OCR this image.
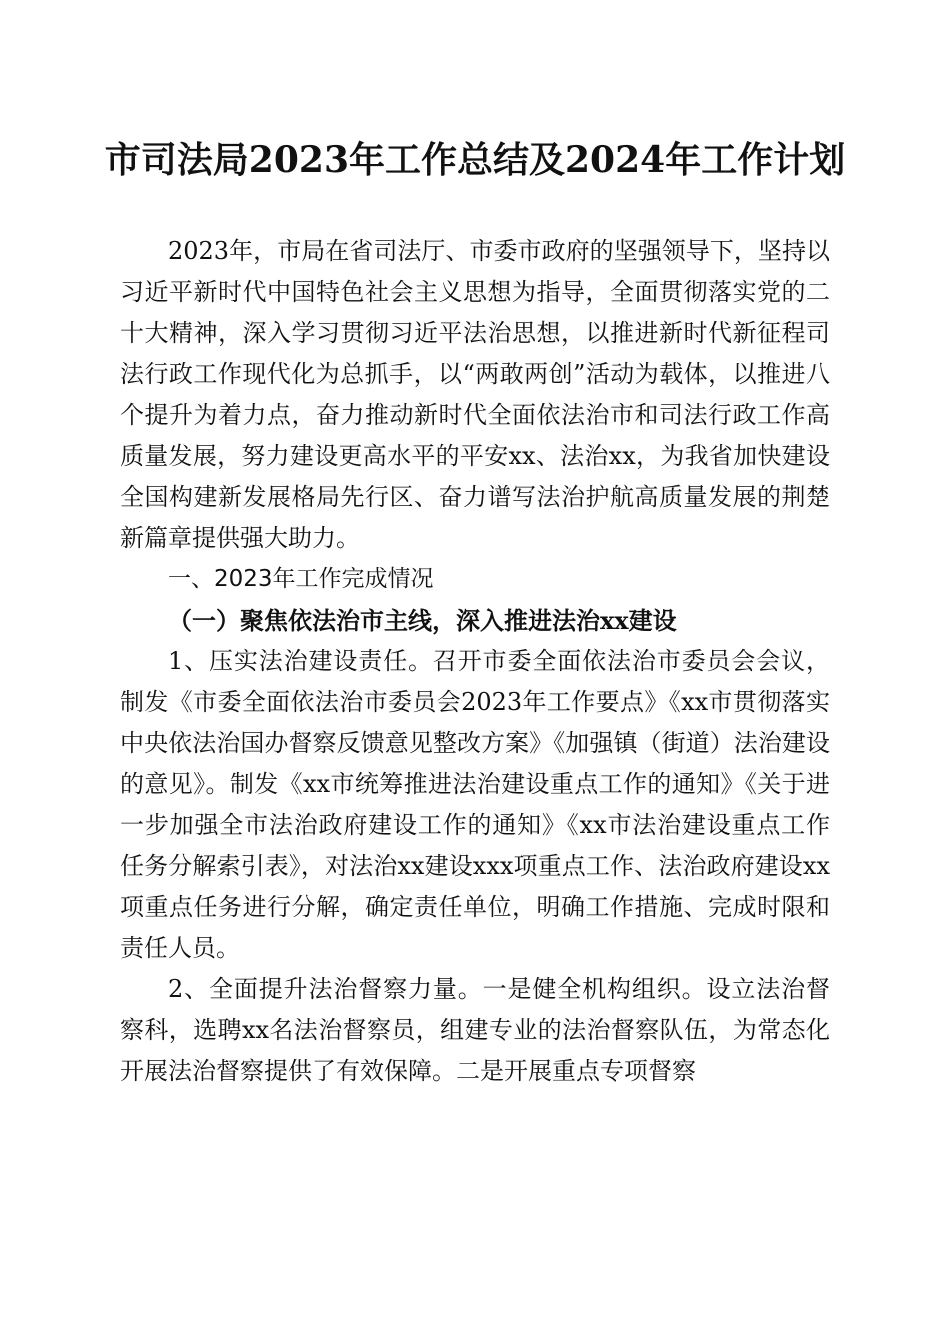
市司法局2023年工作总结及2024年工作计划

2023年，市局在省司法厅、市委市政府的坚强领导下，坚持以习近平新时代中国特色社会主义思想为指导，全面贯彻落实党的二十大精神，深入学习贯彻习近平法治思想，以推进新时代新征程司法行政工作现代化为总抓手，以“两敢两创”活动为载体，以推进八个提升为着力点，奋力推动新时代全面依法治市和司法行政工作高质量发展，努力建设更高水平的平安xx、法治xx，为我省加快建设全国构建新发展格局先行区、奋力谱写法治护航高质量发展的荆楚新篇章提供强大助力。

一、2023年工作完成情况

（一）聚焦依法治市主线，深入推进法治xx建设

1、压实法治建设责任。召开市委全面依法治市委员会会议，制发《市委全面依法治市委员会2023年工作要点》《xx市贯彻落实中央依法治国办督察反馈意见整改方案》《加强镇（街道）法治建设的意见》。制发《xx市统筹推进法治建设重点工作的通知》《关于进一步加强全市法治政府建设工作的通知》《xx市法治建设重点工作任务分解索引表》，对法治xx建设xxx项重点工作、法治政府建设xx项重点任务进行分解，确定责任单位，明确工作措施、完成时限和责任人员。

2、全面提升法治督察力量。一是健全机构组织。设立法治督察科，选聘xx名法治督察员，组建专业的法治督察队伍，为常态化开展法治督察提供了有效保障。二是开展重点专项督察
